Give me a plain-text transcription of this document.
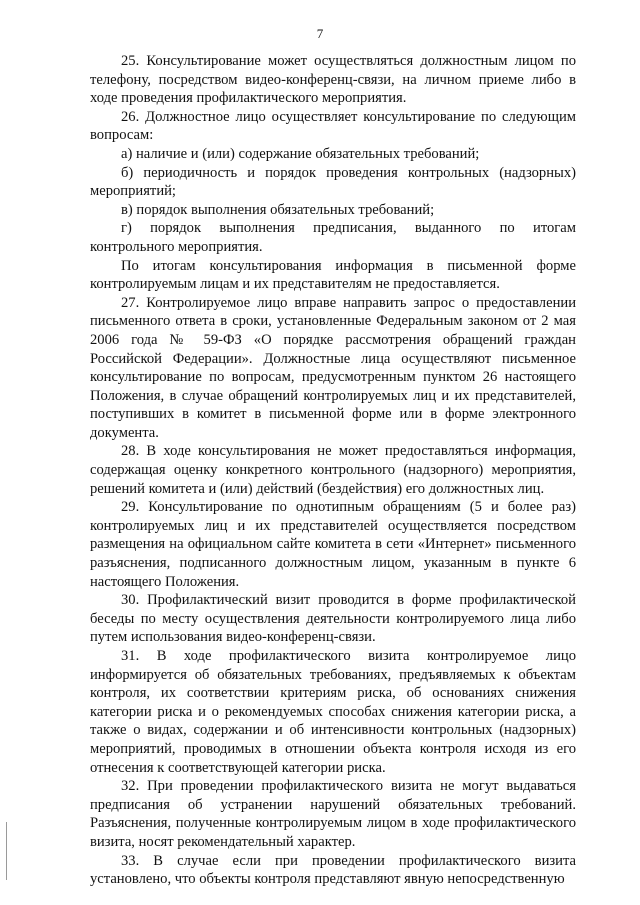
7

25. Консультирование может осуществляться должностным лицом по телефону, посредством видео-конференц-связи, на личном приеме либо в ходе проведения профилактического мероприятия.

26. Должностное лицо осуществляет консультирование по следующим вопросам:

а) наличие и (или) содержание обязательных требований;

б) периодичность и порядок проведения контрольных (надзорных) мероприятий;

в) порядок выполнения обязательных требований;

г) порядок выполнения предписания, выданного по итогам контрольного мероприятия.

По итогам консультирования информация в письменной форме контролируемым лицам и их представителям не предоставляется.

27. Контролируемое лицо вправе направить запрос о предоставлении письменного ответа в сроки, установленные Федеральным законом от 2 мая 2006 года № 59-ФЗ «О порядке рассмотрения обращений граждан Российской Федерации». Должностные лица осуществляют письменное консультирование по вопросам, предусмотренным пунктом 26 настоящего Положения, в случае обращений контролируемых лиц и их представителей, поступивших в комитет в письменной форме или в форме электронного документа.

28. В ходе консультирования не может предоставляться информация, содержащая оценку конкретного контрольного (надзорного) мероприятия, решений комитета и (или) действий (бездействия) его должностных лиц.

29. Консультирование по однотипным обращениям (5 и более раз) контролируемых лиц и их представителей осуществляется посредством размещения на официальном сайте комитета в сети «Интернет» письменного разъяснения, подписанного должностным лицом, указанным в пункте 6 настоящего Положения.

30. Профилактический визит проводится в форме профилактической беседы по месту осуществления деятельности контролируемого лица либо путем использования видео-конференц-связи.

31. В ходе профилактического визита контролируемое лицо информируется об обязательных требованиях, предъявляемых к объектам контроля, их соответствии критериям риска, об основаниях снижения категории риска и о рекомендуемых способах снижения категории риска, а также о видах, содержании и об интенсивности контрольных (надзорных) мероприятий, проводимых в отношении объекта контроля исходя из его отнесения к соответствующей категории риска.

32. При проведении профилактического визита не могут выдаваться предписания об устранении нарушений обязательных требований. Разъяснения, полученные контролируемым лицом в ходе профилактического визита, носят рекомендательный характер.

33. В случае если при проведении профилактического визита установлено, что объекты контроля представляют явную непосредственную
